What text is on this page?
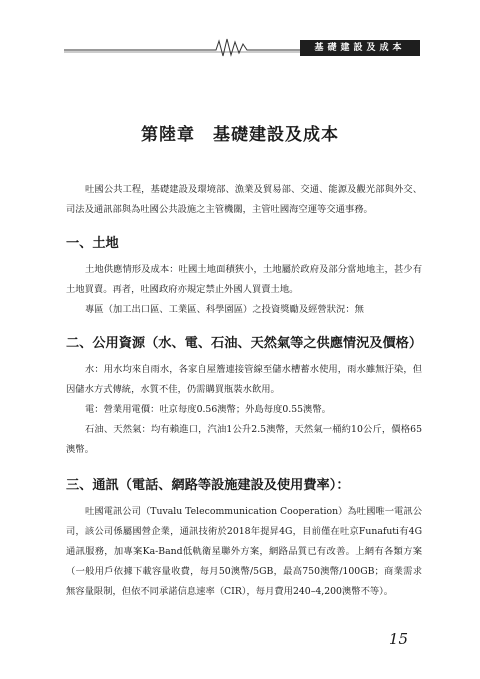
基礎建設及成本
第陸章　基礎建設及成本

吐國公共工程，基礎建設及環境部、漁業及貿易部、交通、能源及觀光部與外交、司法及通訊部與為吐國公共設施之主管機關，主管吐國海空運等交通事務。

一、土地

土地供應情形及成本：吐國土地面積狹小，土地屬於政府及部分當地地主，甚少有土地買賣。再者，吐國政府亦規定禁止外國人買賣土地。

專區（加工出口區、工業區、科學園區）之投資獎勵及經營狀況：無

二、公用資源（水、電、石油、天然氣等之供應情況及價格）

水：用水均來自雨水，各家自屋簷連接管線至儲水槽蓄水使用，雨水雖無汙染，但因儲水方式傳統，水質不佳，仍需購買瓶裝水飲用。

電：營業用電價：吐京每度0.56澳幣；外島每度0.55澳幣。

石油、天然氣：均有賴進口，汽油1公升2.5澳幣，天然氣一桶約10公斤，價格65澳幣。

三、通訊（電話、網路等設施建設及使用費率）：

吐國電訊公司（Tuvalu Telecommunication Cooperation）為吐國唯一電訊公司，該公司係屬國營企業，通訊技術於2018年提昇4G，目前僅在吐京Funafuti有4G通訊服務，加專案Ka-Band低軌衛星聯外方案，網路品質已有改善。上網有各類方案（一般用戶依據下載容量收費，每月50澳幣/5GB，最高750澳幣/100GB；商業需求無容量限制，但依不同承諾信息速率（CIR），每月費用240–4,200澳幣不等）。

15
